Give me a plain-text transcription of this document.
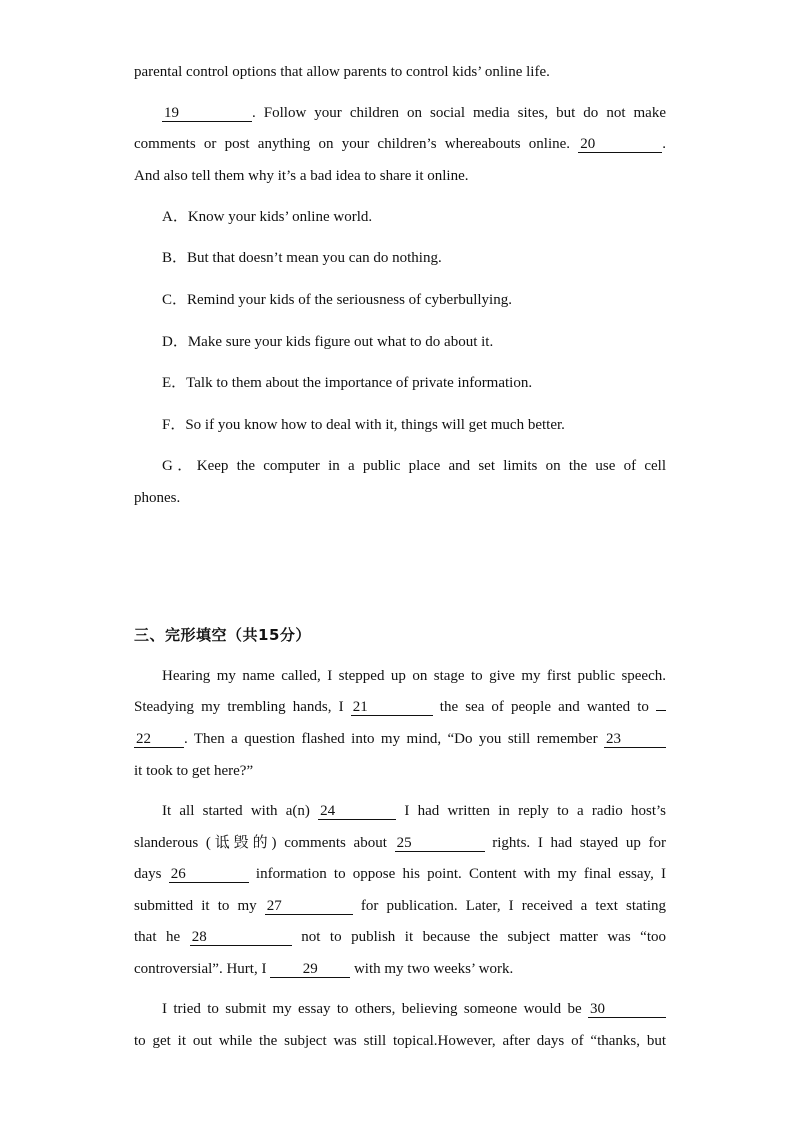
parental control options that allow parents to control kids’ online life.
19	. Follow your children on social media sites, but do not make
comments or post anything on your children’s whereabouts online. 20	.
And also tell them why it’s a bad idea to share it online.
A．Know your kids’ online world.
B．But that doesn’t mean you can do nothing.
C．Remind your kids of the seriousness of cyberbullying.
D．Make sure your kids figure out what to do about it.
E．Talk to them about the importance of private information.
F．So if you know how to deal with it, things will get much better.
G．Keep the computer in a public place and set limits on the use of cell
phones.
三、完形填空（共15分）
Hearing my name called, I stepped up on stage to give my first public speech.
Steadying my trembling hands, I 21	the sea of people and wanted to
22 . Then a question flashed into my mind, “Do you still remember 23
it took to get here?”
It all started with a(n) 24	I had written in reply to a radio host’s
slanderous (诋毁的) comments about 25	rights. I had stayed up for
days 26	information to oppose his point. Content with my final essay, I
submitted it to my 27	for publication. Later, I received a text stating
that he 28	not to publish it because the subject matter was “too
controversial”. Hurt, I 29 with my two weeks’ work.
I tried to submit my essay to others, believing someone would be 30
to get it out while the subject was still topical.However, after days of “thanks, but
